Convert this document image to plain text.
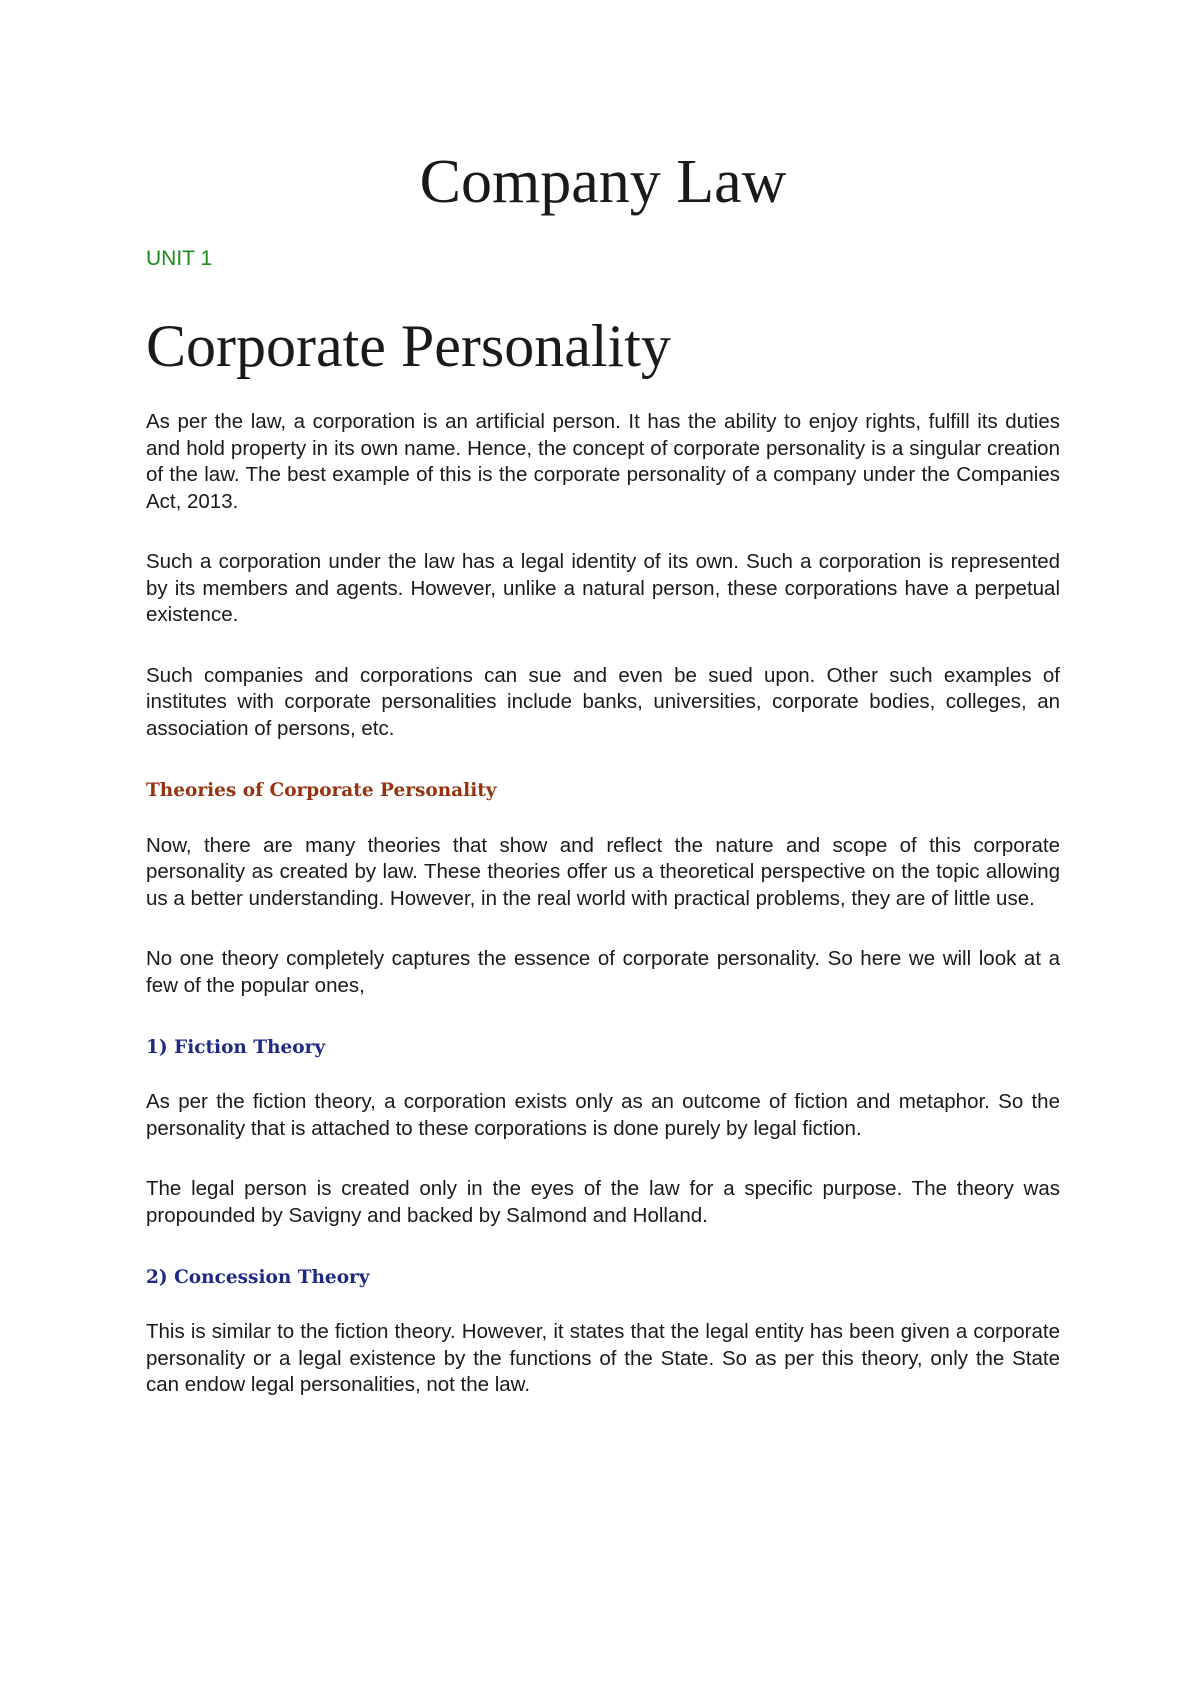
Company Law
UNIT 1
Corporate Personality

As per the law, a corporation is an artificial person. It has the ability to enjoy rights, fulfill its duties and hold property in its own name. Hence, the concept of corporate personality is a singular creation of the law. The best example of this is the corporate personality of a company under the Companies Act, 2013.

Such a corporation under the law has a legal identity of its own. Such a corporation is represented by its members and agents. However, unlike a natural person, these corporations have a perpetual existence.

Such companies and corporations can sue and even be sued upon. Other such examples of institutes with corporate personalities include banks, universities, corporate bodies, colleges, an association of persons, etc.

Theories of Corporate Personality

Now, there are many theories that show and reflect the nature and scope of this corporate personality as created by law. These theories offer us a theoretical perspective on the topic allowing us a better understanding. However, in the real world with practical problems, they are of little use.

No one theory completely captures the essence of corporate personality. So here we will look at a few of the popular ones,

1) Fiction Theory

As per the fiction theory, a corporation exists only as an outcome of fiction and metaphor. So the personality that is attached to these corporations is done purely by legal fiction.

The legal person is created only in the eyes of the law for a specific purpose. The theory was propounded by Savigny and backed by Salmond and Holland.

2) Concession Theory

This is similar to the fiction theory. However, it states that the legal entity has been given a corporate personality or a legal existence by the functions of the State. So as per this theory, only the State can endow legal personalities, not the law.
